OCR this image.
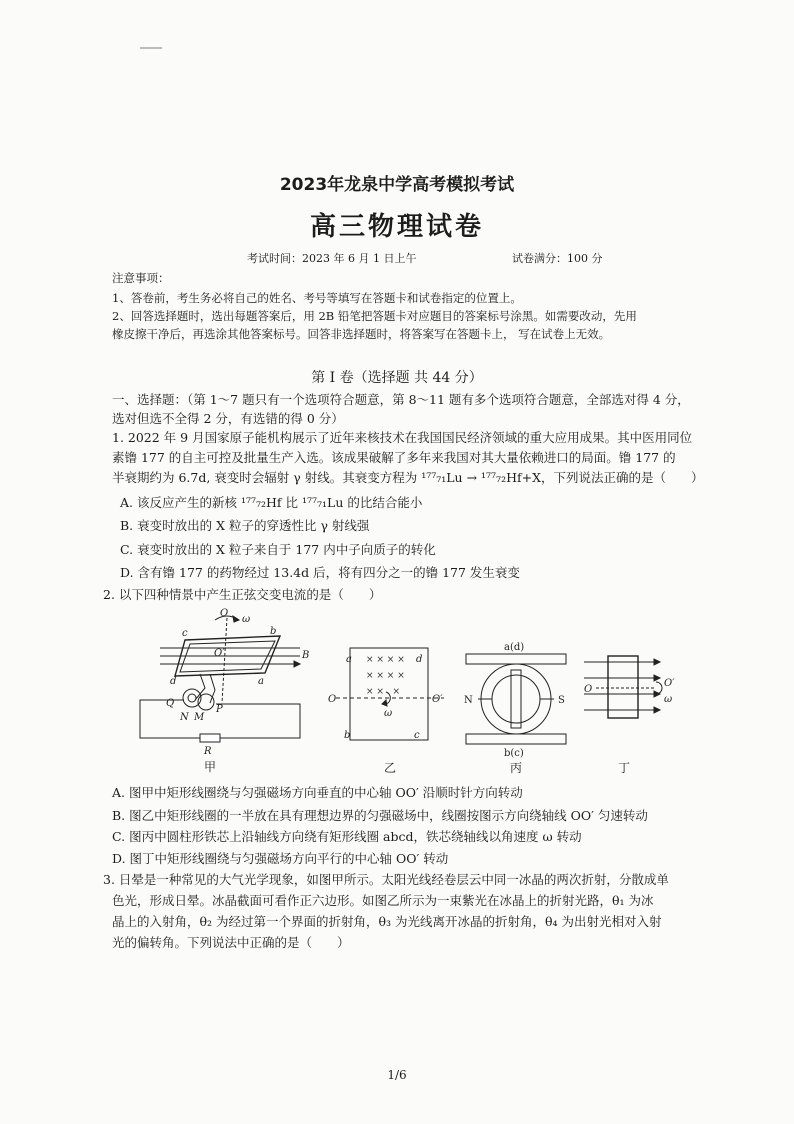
2023年龙泉中学高考模拟考试
高三物理试卷
考试时间：2023 年 6 月 1 日上午	试卷满分：100 分
注意事项：
1、答卷前，考生务必将自己的姓名、考号等填写在答题卡和试卷指定的位置上。
2、回答选择题时，选出每题答案后，用 2B 铅笔把答题卡对应题目的答案标号涂黑。如需要改动，先用
橡皮擦干净后，再选涂其他答案标号。回答非选择题时，将答案写在答题卡上， 写在试卷上无效。
第 I 卷（选择题 共 44 分）
一、选择题：（第 1～7 题只有一个选项符合题意，第 8～11 题有多个选项符合题意，全部选对得 4 分，
选对但选不全得 2 分，有选错的得 0 分）
1. 2022 年 9 月国家原子能机构展示了近年来核技术在我国国民经济领域的重大应用成果。其中医用同位
素镥 177 的自主可控及批量生产入选。该成果破解了多年来我国对其大量依赖进口的局面。镥 177 的
半衰期约为 6.7d, 衰变时会辐射 γ 射线。其衰变方程为 ¹⁷⁷₇₁Lu → ¹⁷⁷₇₂Hf+X，下列说法正确的是（　　）
A. 该反应产生的新核 ¹⁷⁷₇₂Hf 比 ¹⁷⁷₇₁Lu 的比结合能小
B. 衰变时放出的 X 粒子的穿透性比 γ 射线强
C. 衰变时放出的 X 粒子来自于 177 内中子向质子的转化
D. 含有镥 177 的药物经过 13.4d 后，将有四分之一的镥 177 发生衰变
2. 以下四种情景中产生正弦交变电流的是（　　）
O
ω
B
c	b
d	a
O′
Q
P
N M
R
甲
× × × ×
× × × ×
× ×   ×
a	d
b	c
O	O′
ω
乙
a(d)
b(c)
N	S
丙
O
O′
ω
丁
A. 图甲中矩形线圈绕与匀强磁场方向垂直的中心轴 OO′ 沿顺时针方向转动
B. 图乙中矩形线圈的一半放在具有理想边界的匀强磁场中，线圈按图示方向绕轴线 OO′ 匀速转动
C. 图丙中圆柱形铁芯上沿轴线方向绕有矩形线圈 abcd，铁芯绕轴线以角速度 ω 转动
D. 图丁中矩形线圈绕与匀强磁场方向平行的中心轴 OO′ 转动
3. 日晕是一种常见的大气光学现象，如图甲所示。太阳光线经卷层云中同一冰晶的两次折射，分散成单
色光，形成日晕。冰晶截面可看作正六边形。如图乙所示为一束紫光在冰晶上的折射光路，θ₁ 为冰
晶上的入射角，θ₂ 为经过第一个界面的折射角，θ₃ 为光线离开冰晶的折射角，θ₄ 为出射光相对入射
光的偏转角。下列说法中正确的是（　　）
1/6
